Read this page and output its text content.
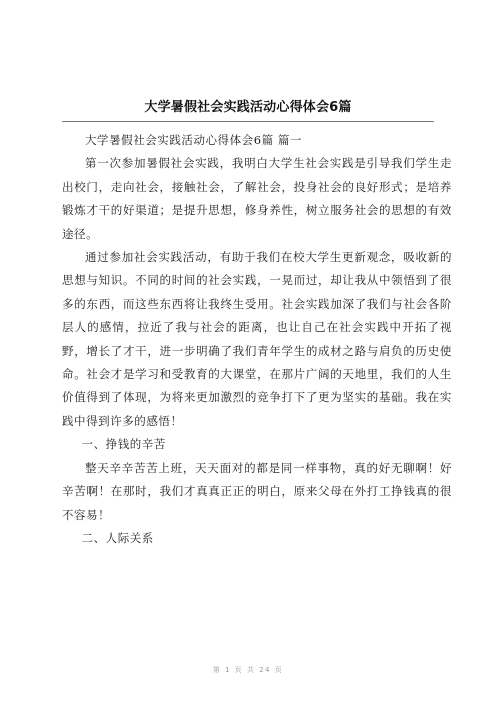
大学暑假社会实践活动心得体会6篇

大学暑假社会实践活动心得体会6篇 篇一

第一次参加暑假社会实践，我明白大学生社会实践是引导我们学生走出校门，走向社会，接触社会，了解社会，投身社会的良好形式；是培养锻炼才干的好渠道；是提升思想，修身养性，树立服务社会的思想的有效途径。

通过参加社会实践活动，有助于我们在校大学生更新观念，吸收新的思想与知识。不同的时间的社会实践，一晃而过，却让我从中领悟到了很多的东西，而这些东西将让我终生受用。社会实践加深了我们与社会各阶层人的感情，拉近了我与社会的距离，也让自己在社会实践中开拓了视野，增长了才干，进一步明确了我们青年学生的成材之路与肩负的历史使命。社会才是学习和受教育的大课堂，在那片广阔的天地里，我们的人生价值得到了体现，为将来更加激烈的竞争打下了更为坚实的基础。我在实践中得到许多的感悟！

一、挣钱的辛苦

整天辛辛苦苦上班，天天面对的都是同一样事物，真的好无聊啊！好辛苦啊！在那时，我们才真真正正的明白，原来父母在外打工挣钱真的很不容易！

二、人际关系

第 1 页 共 24 页
